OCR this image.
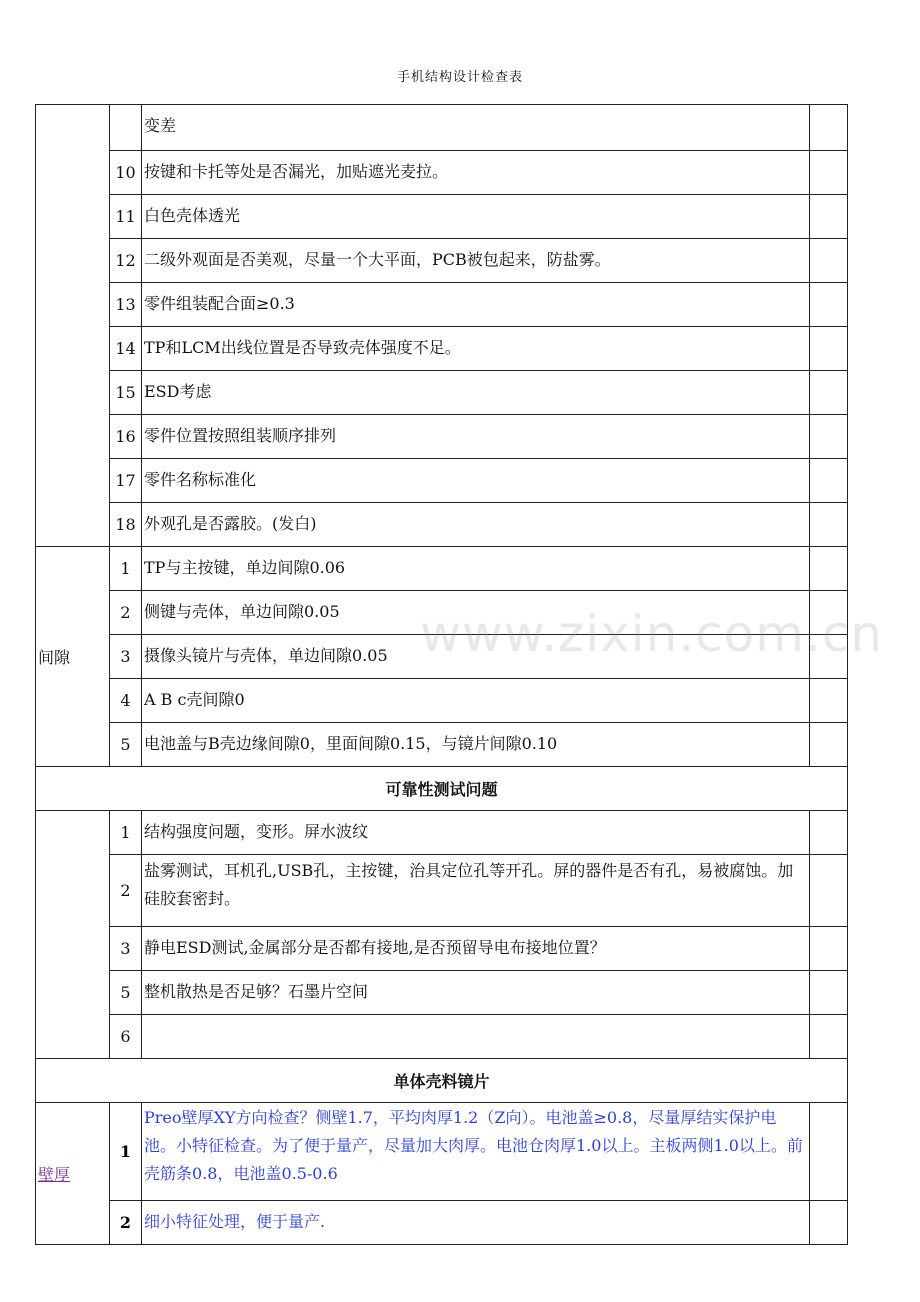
手机结构设计检查表
		变差	
	10	按键和卡托等处是否漏光，加贴遮光麦拉。	
	11	白色壳体透光	
	12	二级外观面是否美观，尽量一个大平面，PCB被包起来，防盐雾。	
	13	零件组装配合面≥0.3	
	14	TP和LCM出线位置是否导致壳体强度不足。	
	15	ESD考虑	
	16	零件位置按照组装顺序排列	
	17	零件名称标准化	
	18	外观孔是否露胶。(发白)	
间隙	1	TP与主按键，单边间隙0.06	
	2	侧键与壳体，单边间隙0.05	
	3	摄像头镜片与壳体，单边间隙0.05	
	4	A B c壳间隙0	
	5	电池盖与B壳边缘间隙0，里面间隙0.15，与镜片间隙0.10	
可靠性测试问题			
	1	结构强度问题，变形。屏水波纹	
	2	盐雾测试，耳机孔,USB孔，主按键，治具定位孔等开孔。屏的器件是否有孔，易被腐蚀。加硅胶套密封。	
	3	静电ESD测试,金属部分是否都有接地,是否预留导电布接地位置？	
	5	整机散热是否足够？石墨片空间	
	6		
单体壳料镜片			
壁厚	1	Preo壁厚XY方向检查？侧壁1.7，平均肉厚1.2（Z向）。电池盖≥0.8，尽量厚结实保护电池。小特征检查。为了便于量产，尽量加大肉厚。电池仓肉厚1.0以上。主板两侧1.0以上。前壳筋条0.8，电池盖0.5-0.6	
	2	细小特征处理，便于量产.	
www.zixin.com.cn
